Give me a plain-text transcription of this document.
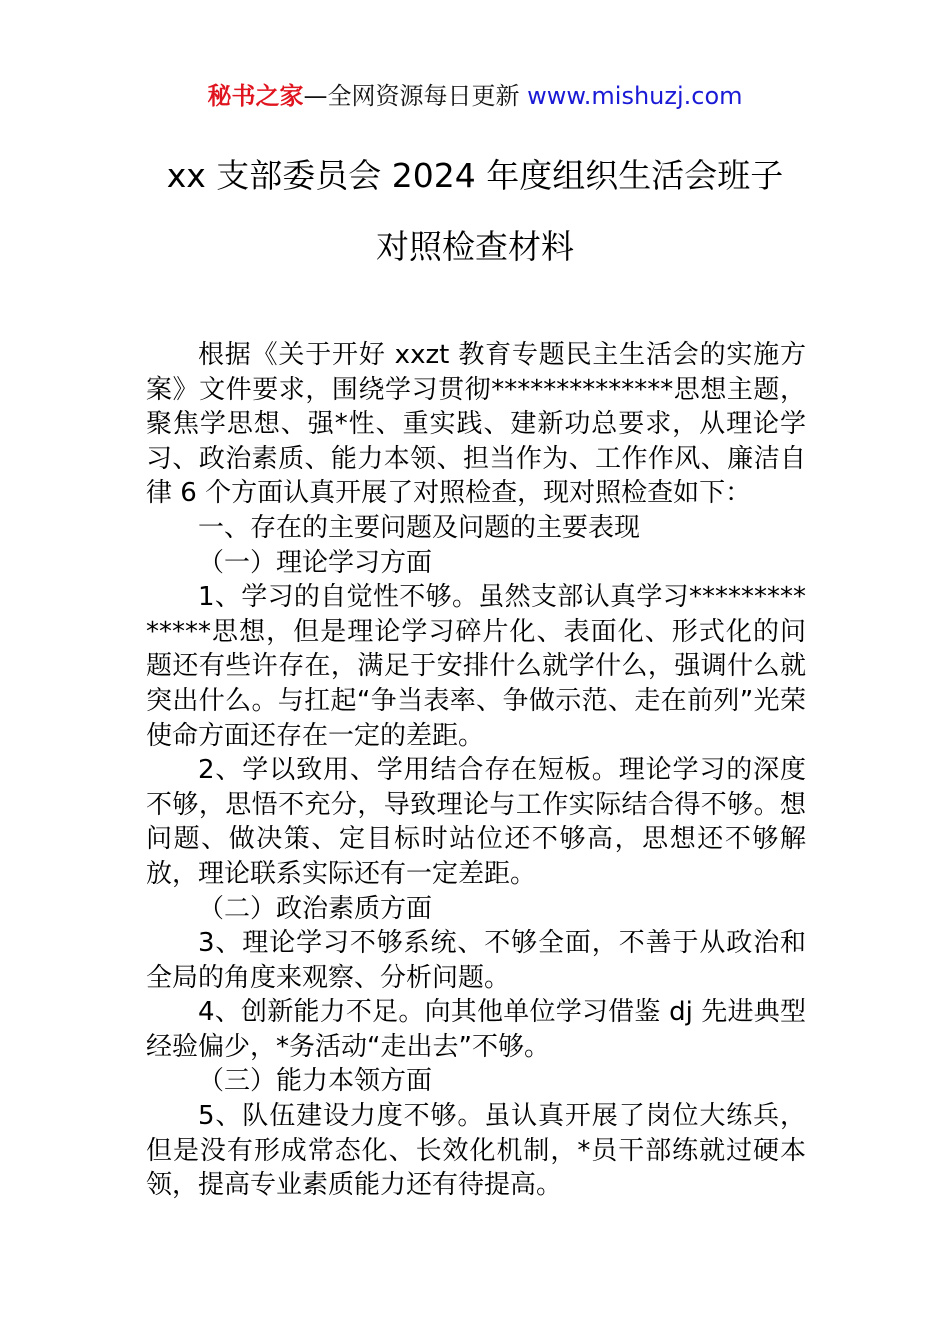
秘书之家—全网资源每日更新 www.mishuzj.com
xx 支部委员会 2024 年度组织生活会班子
对照检查材料

根据《关于开好 xxzt 教育专题民主生活会的实施方案》文件要求，围绕学习贯彻**************思想主题，聚焦学思想、强*性、重实践、建新功总要求，从理论学习、政治素质、能力本领、担当作为、工作作风、廉洁自律 6 个方面认真开展了对照检查，现对照检查如下：

一、存在的主要问题及问题的主要表现

（一）理论学习方面

1、学习的自觉性不够。虽然支部认真学习**************思想，但是理论学习碎片化、表面化、形式化的问题还有些许存在，满足于安排什么就学什么，强调什么就突出什么。与扛起“争当表率、争做示范、走在前列”光荣使命方面还存在一定的差距。

2、学以致用、学用结合存在短板。理论学习的深度不够，思悟不充分，导致理论与工作实际结合得不够。想问题、做决策、定目标时站位还不够高，思想还不够解放，理论联系实际还有一定差距。

（二）政治素质方面

3、理论学习不够系统、不够全面，不善于从政治和全局的角度来观察、分析问题。

4、创新能力不足。向其他单位学习借鉴 dj 先进典型经验偏少，*务活动“走出去”不够。

（三）能力本领方面

5、队伍建设力度不够。虽认真开展了岗位大练兵，但是没有形成常态化、长效化机制，*员干部练就过硬本领，提高专业素质能力还有待提高。
